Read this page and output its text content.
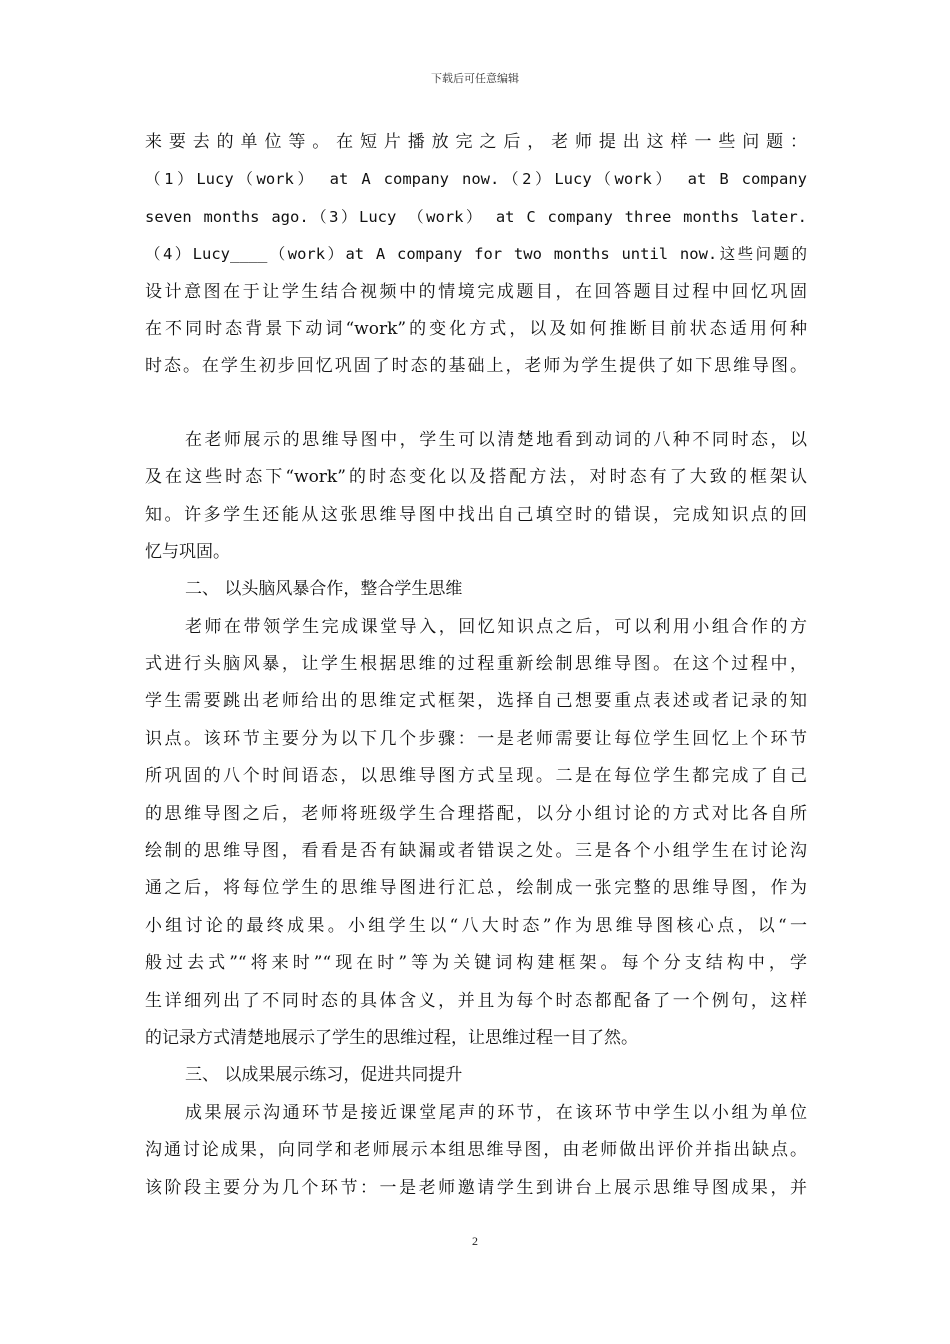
下载后可任意编辑
来要去的单位等。在短片播放完之后，老师提出这样一些问题：
（1）Lucy（work） at A company now.（2）Lucy（work） at B company
seven months ago.（3）Lucy （work） at C company three months later.
（4）Lucy____（work）at A company for two months until now.这些问题的
设计意图在于让学生结合视频中的情境完成题目，在回答题目过程中回忆巩固
在不同时态背景下动词“work”的变化方式，以及如何推断目前状态适用何种
时态。在学生初步回忆巩固了时态的基础上，老师为学生提供了如下思维导图。
在老师展示的思维导图中，学生可以清楚地看到动词的八种不同时态，以
及在这些时态下“work”的时态变化以及搭配方法，对时态有了大致的框架认
知。许多学生还能从这张思维导图中找出自己填空时的错误，完成知识点的回
忆与巩固。
二、 以头脑风暴合作，整合学生思维
老师在带领学生完成课堂导入，回忆知识点之后，可以利用小组合作的方
式进行头脑风暴，让学生根据思维的过程重新绘制思维导图。在这个过程中，
学生需要跳出老师给出的思维定式框架，选择自己想要重点表述或者记录的知
识点。该环节主要分为以下几个步骤：一是老师需要让每位学生回忆上个环节
所巩固的八个时间语态，以思维导图方式呈现。二是在每位学生都完成了自己
的思维导图之后，老师将班级学生合理搭配，以分小组讨论的方式对比各自所
绘制的思维导图，看看是否有缺漏或者错误之处。三是各个小组学生在讨论沟
通之后，将每位学生的思维导图进行汇总，绘制成一张完整的思维导图，作为
小组讨论的最终成果。小组学生以“八大时态”作为思维导图核心点，以“一
般过去式”“将来时”“现在时”等为关键词构建框架。每个分支结构中，学
生详细列出了不同时态的具体含义，并且为每个时态都配备了一个例句，这样
的记录方式清楚地展示了学生的思维过程，让思维过程一目了然。
三、 以成果展示练习，促进共同提升
成果展示沟通环节是接近课堂尾声的环节，在该环节中学生以小组为单位
沟通讨论成果，向同学和老师展示本组思维导图，由老师做出评价并指出缺点。
该阶段主要分为几个环节：一是老师邀请学生到讲台上展示思维导图成果，并
2
